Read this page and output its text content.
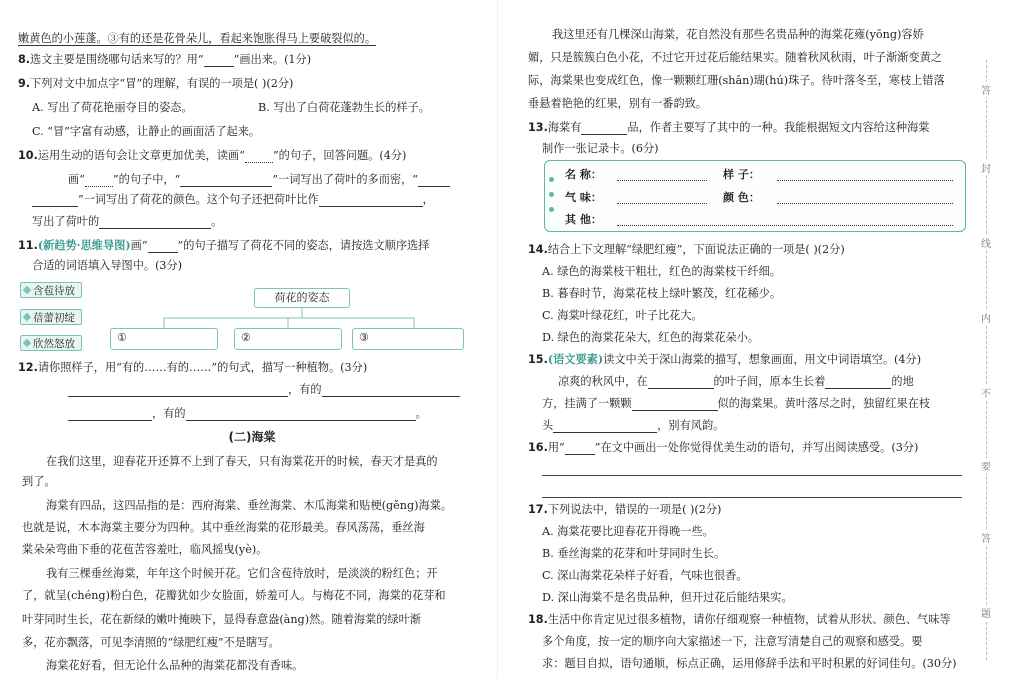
嫩黄色的小莲蓬。③有的还是花骨朵儿，看起来饱胀得马上要破裂似的。
8.选文主要是围绕哪句话来写的？用“	”画出来。(1分)
9.下列对文中加点字“冒”的理解，有误的一项是( )(2分)
A. 写出了荷花艳丽夺目的姿态。	B. 写出了白荷花蓬勃生长的样子。
C. “冒”字富有动感，让静止的画面活了起来。
10.运用生动的语句会让文章更加优美，读画“	”的句子，回答问题。(4分)
画“	”的句子中，“	”一词写出了荷叶的多而密，“
”一词写出了荷花的颜色。这个句子还把荷叶比作	，
写出了荷叶的	。
11.(新趋势·思维导图)画“	”的句子描写了荷花不同的姿态，请按选文顺序选择
合适的词语填入导图中。(3分)
含苞待放
蓓蕾初绽
欣然怒放
荷花的姿态
①	②	③
12.请你照样子，用“有的……有的……”的句式，描写一种植物。(3分)
，有的
，有的	。
(二)海棠
在我们这里，迎春花开还算不上到了春天，只有海棠花开的时候，春天才是真的
到了。
海棠有四品，这四品指的是：西府海棠、垂丝海棠、木瓜海棠和贴梗(gěng)海棠。
也就是说，木本海棠主要分为四种。其中垂丝海棠的花形最美。春风荡荡，垂丝海
棠朵朵弯曲下垂的花苞苦容羞吐，临风摇曳(yè)。
我有三棵垂丝海棠，年年这个时候开花。它们含苞待放时，是淡淡的粉红色；开
了，就呈(chéng)粉白色，花瓣犹如少女脸面，娇羞可人。与梅花不同，海棠的花芽和
叶芽同时生长，花在新绿的嫩叶掩映下，显得春意盎(àng)然。随着海棠的绿叶渐
多，花亦飘落，可见李清照的“绿肥红瘦”不是瞎写。
海棠花好看，但无论什么品种的海棠花都没有香味。
我这里还有几棵深山海棠，花自然没有那些名贵品种的海棠花雍(yōng)容娇
媚，只是簇簇白色小花，不过它开过花后能结果实。随着秋风秋雨，叶子渐渐变黄之
际，海棠果也变成红色，像一颗颗红珊(shān)瑚(hú)珠子。待叶落冬至，寒枝上错落
垂悬着艳艳的红果，别有一番韵致。
13.海棠有	品，作者主要写了其中的一种。我能根据短文内容给这种海棠
制作一张记录卡。(6分)
名 称：	样 子：
气 味：	颜 色：
其 他：
14.结合上下文理解“绿肥红瘦”，下面说法正确的一项是( )(2分)
A. 绿色的海棠枝干粗壮，红色的海棠枝干纤细。
B. 暮春时节，海棠花枝上绿叶繁茂，红花稀少。
C. 海棠叶绿花红，叶子比花大。
D. 绿色的海棠花朵大，红色的海棠花朵小。
15.(语文要素)读文中关于深山海棠的描写，想象画面，用文中词语填空。(4分)
凉爽的秋风中，在	的叶子间，原本生长着	的地
方，挂满了一颗颗	似的海棠果。黄叶落尽之时，独留红果在枝
头	，别有风韵。
16.用“	”在文中画出一处你觉得优美生动的语句，并写出阅读感受。(3分)
17.下列说法中，错误的一项是( )(2分)
A. 海棠花要比迎春花开得晚一些。
B. 垂丝海棠的花芽和叶芽同时生长。
C. 深山海棠花朵样子好看，气味也很香。
D. 深山海棠不是名贵品种，但开过花后能结果实。
18.生活中你肯定见过很多植物，请你仔细观察一种植物，试着从形状、颜色、气味等
多个角度，按一定的顺序向大家描述一下，注意写清楚自己的观察和感受。要
求：题目自拟，语句通顺，标点正确，运用修辞手法和平时积累的好词佳句。(30分)
答
封
线
内
不
要
答
题
